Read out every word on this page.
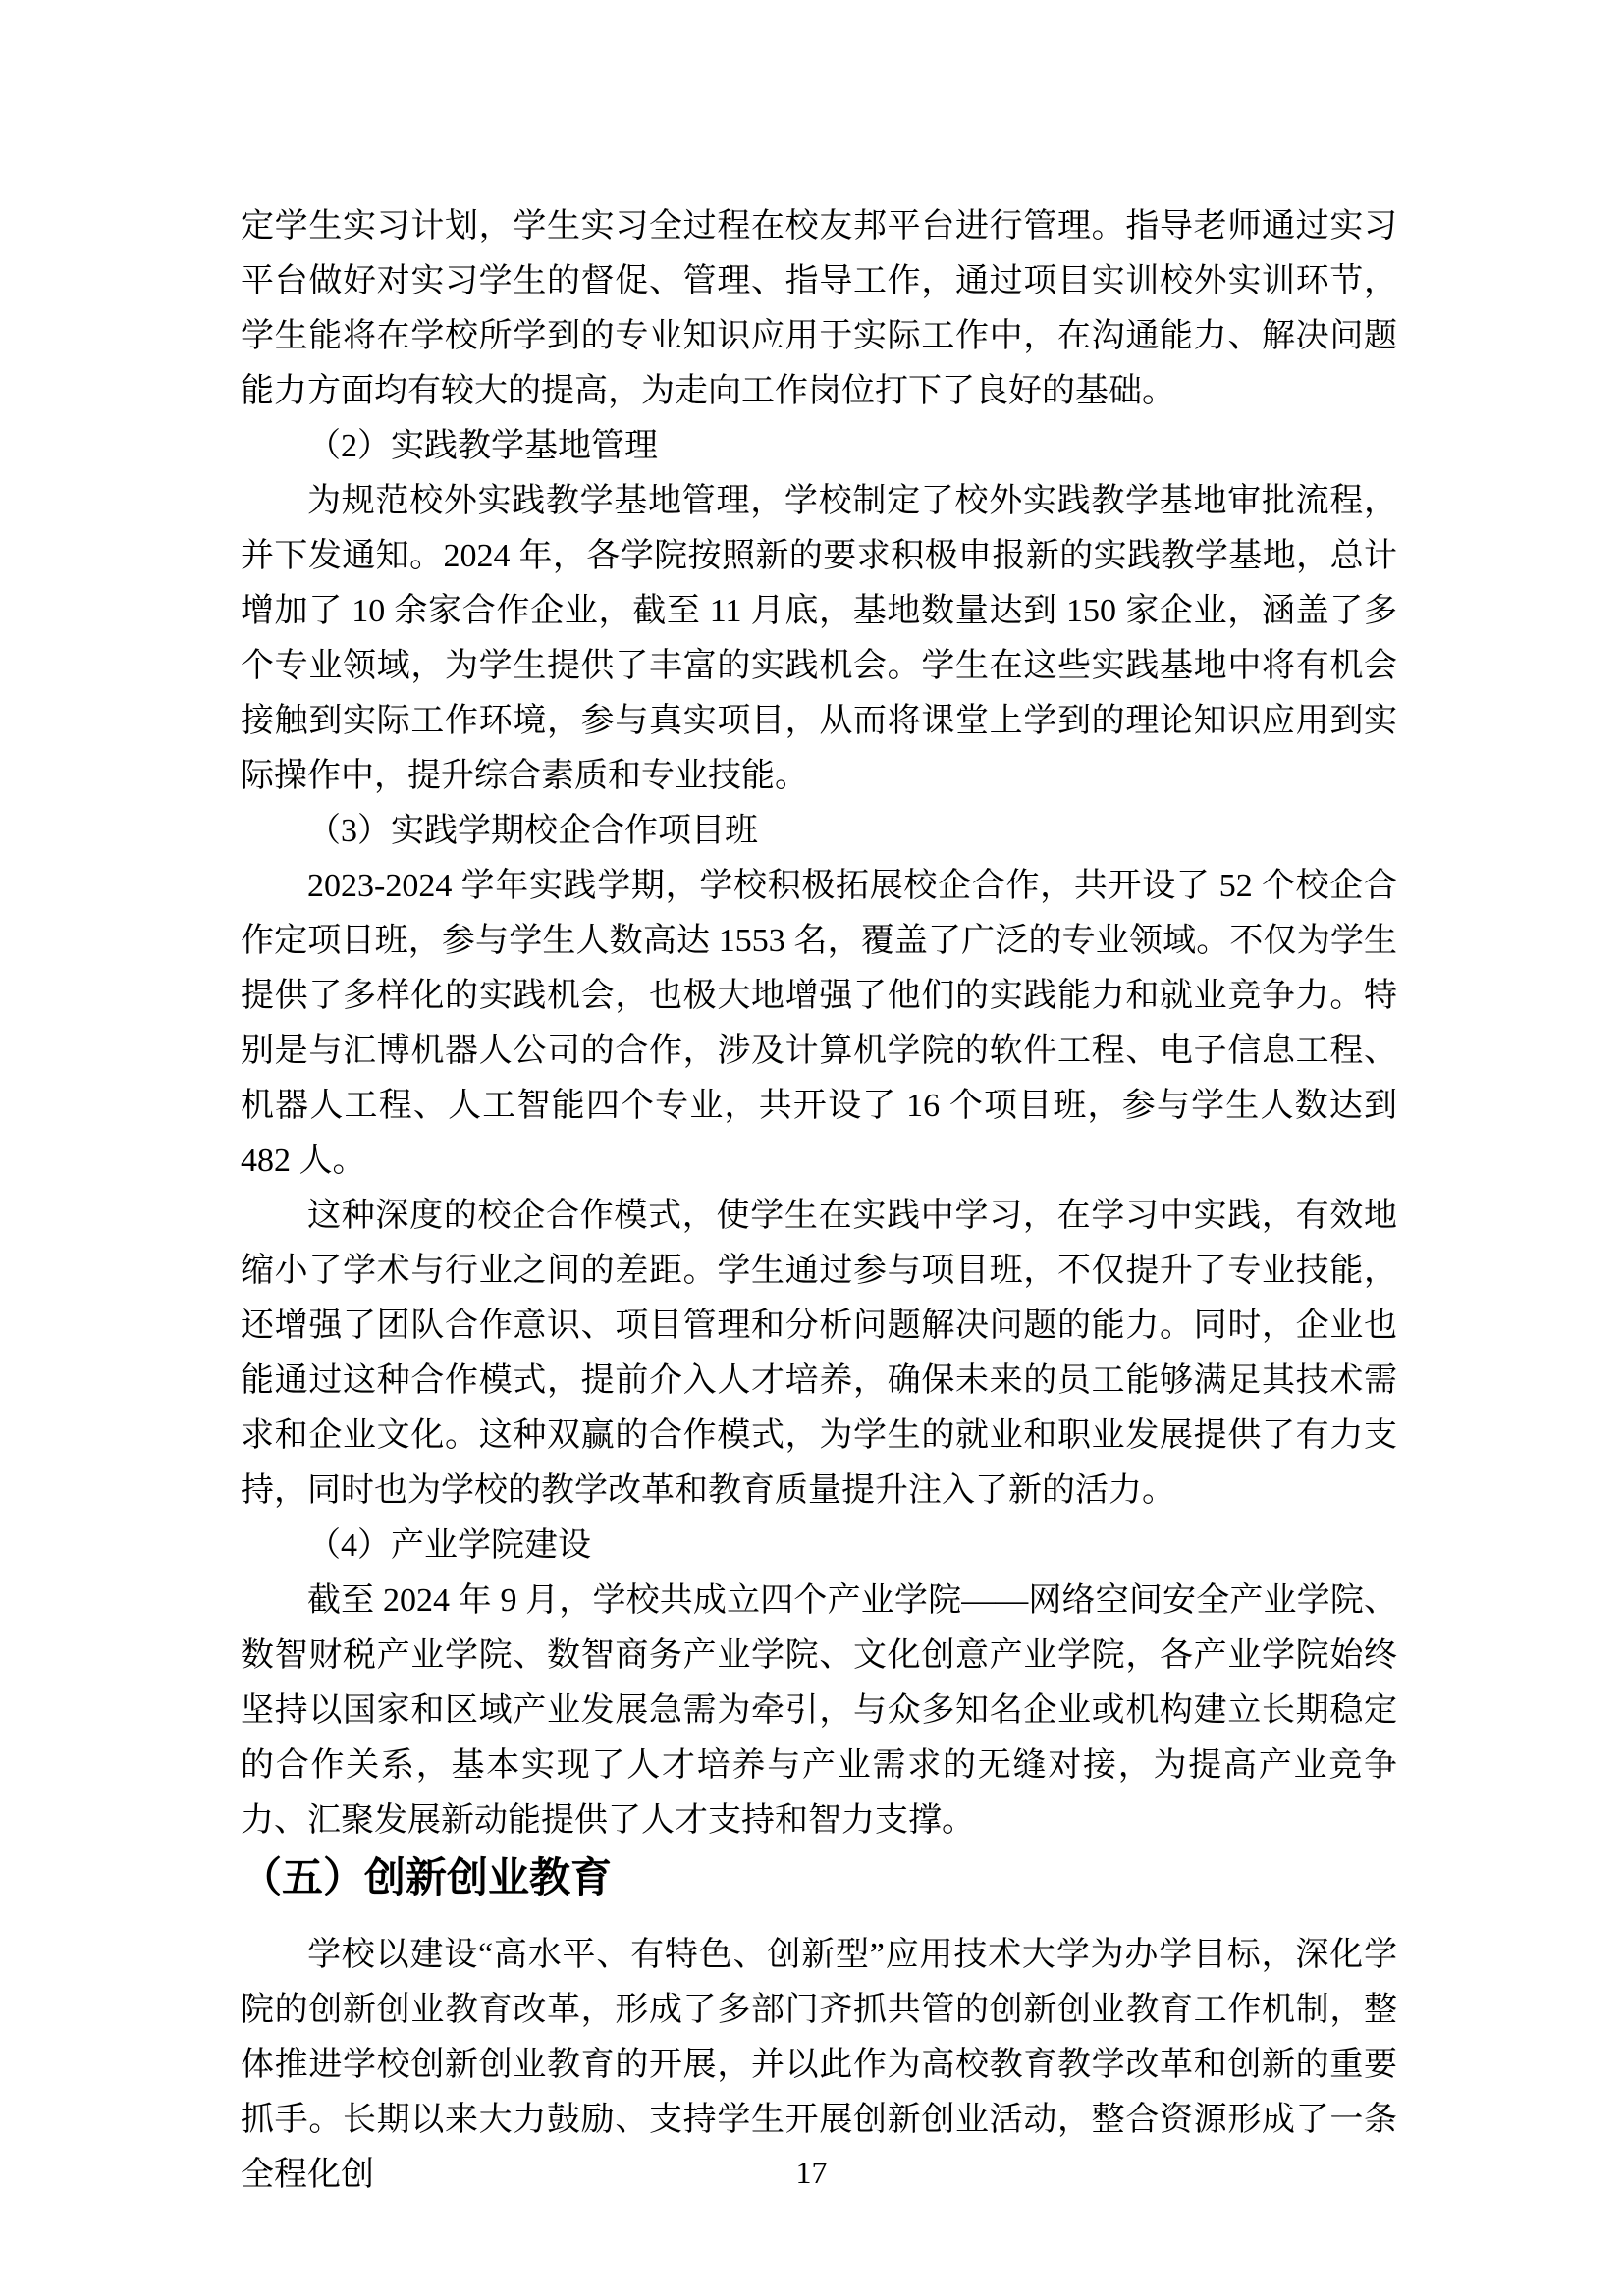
定学生实习计划，学生实习全过程在校友邦平台进行管理。指导老师通过实习平台做好对实习学生的督促、管理、指导工作，通过项目实训校外实训环节，学生能将在学校所学到的专业知识应用于实际工作中，在沟通能力、解决问题能力方面均有较大的提高，为走向工作岗位打下了良好的基础。

（2）实践教学基地管理

为规范校外实践教学基地管理，学校制定了校外实践教学基地审批流程，并下发通知。2024 年，各学院按照新的要求积极申报新的实践教学基地，总计增加了 10 余家合作企业，截至 11 月底，基地数量达到 150 家企业，涵盖了多个专业领域，为学生提供了丰富的实践机会。学生在这些实践基地中将有机会接触到实际工作环境，参与真实项目，从而将课堂上学到的理论知识应用到实际操作中，提升综合素质和专业技能。

（3）实践学期校企合作项目班

2023-2024 学年实践学期，学校积极拓展校企合作，共开设了 52 个校企合作定项目班，参与学生人数高达 1553 名，覆盖了广泛的专业领域。不仅为学生提供了多样化的实践机会，也极大地增强了他们的实践能力和就业竞争力。特别是与汇博机器人公司的合作，涉及计算机学院的软件工程、电子信息工程、机器人工程、人工智能四个专业，共开设了 16 个项目班，参与学生人数达到 482 人。

这种深度的校企合作模式，使学生在实践中学习，在学习中实践，有效地缩小了学术与行业之间的差距。学生通过参与项目班，不仅提升了专业技能，还增强了团队合作意识、项目管理和分析问题解决问题的能力。同时，企业也能通过这种合作模式，提前介入人才培养，确保未来的员工能够满足其技术需求和企业文化。这种双赢的合作模式，为学生的就业和职业发展提供了有力支持，同时也为学校的教学改革和教育质量提升注入了新的活力。

（4）产业学院建设

截至 2024 年 9 月，学校共成立四个产业学院——网络空间安全产业学院、数智财税产业学院、数智商务产业学院、文化创意产业学院，各产业学院始终坚持以国家和区域产业发展急需为牵引，与众多知名企业或机构建立长期稳定的合作关系，基本实现了人才培养与产业需求的无缝对接，为提高产业竞争力、汇聚发展新动能提供了人才支持和智力支撑。

（五）创新创业教育

学校以建设“高水平、有特色、创新型”应用技术大学为办学目标，深化学院的创新创业教育改革，形成了多部门齐抓共管的创新创业教育工作机制，整体推进学校创新创业教育的开展，并以此作为高校教育教学改革和创新的重要抓手。长期以来大力鼓励、支持学生开展创新创业活动，整合资源形成了一条全程化创	17
